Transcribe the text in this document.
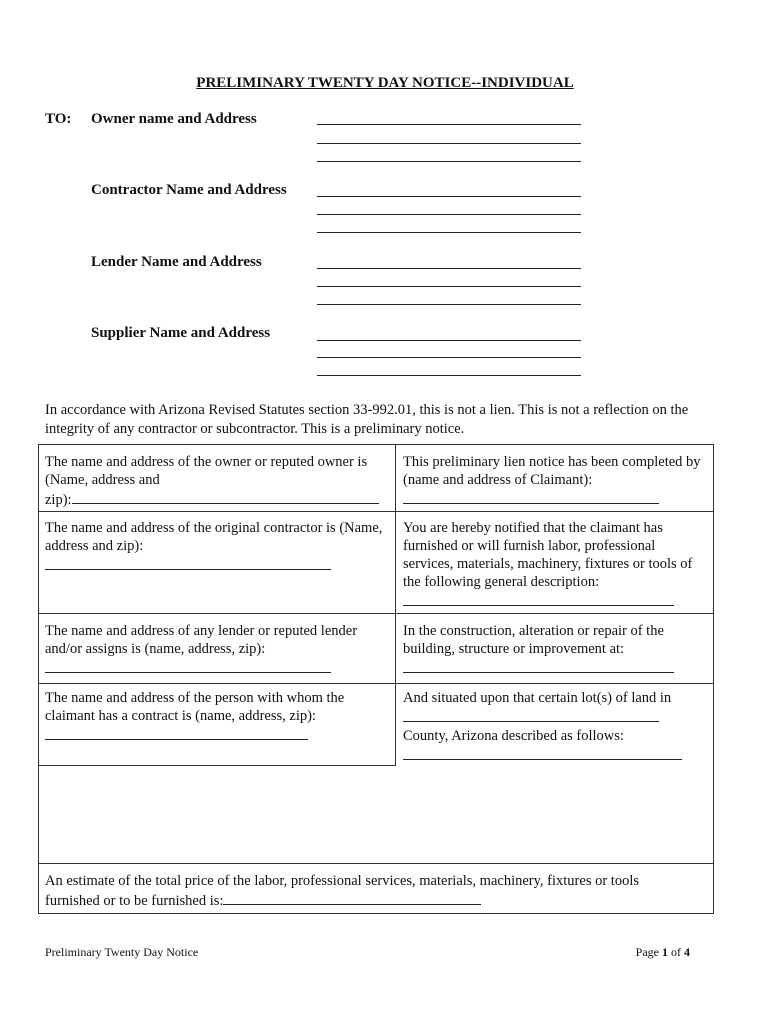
PRELIMINARY TWENTY DAY NOTICE--INDIVIDUAL
TO: Owner name and Address
Contractor Name and Address
Lender Name and Address
Supplier Name and Address
In accordance with Arizona Revised Statutes section 33-992.01, this is not a lien. This is not a reflection on the integrity of any contractor or subcontractor. This is a preliminary notice.
The name and address of the owner or reputed owner is (Name, address and
zip):
This preliminary lien notice has been completed by (name and address of Claimant):

The name and address of the original contractor is (Name, address and zip):

You are hereby notified that the claimant has furnished or will furnish labor, professional services, materials, machinery, fixtures or tools of the following general description:

The name and address of any lender or reputed lender and/or assigns is (name, address, zip):

In the construction, alteration or repair of the building, structure or improvement at:

The name and address of the person with whom the claimant has a contract is (name, address, zip):

And situated upon that certain lot(s) of land in

County, Arizona described as follows:

An estimate of the total price of the labor, professional services, materials, machinery, fixtures or tools furnished or to be furnished is:
Preliminary Twenty Day Notice	Page 1 of 4
